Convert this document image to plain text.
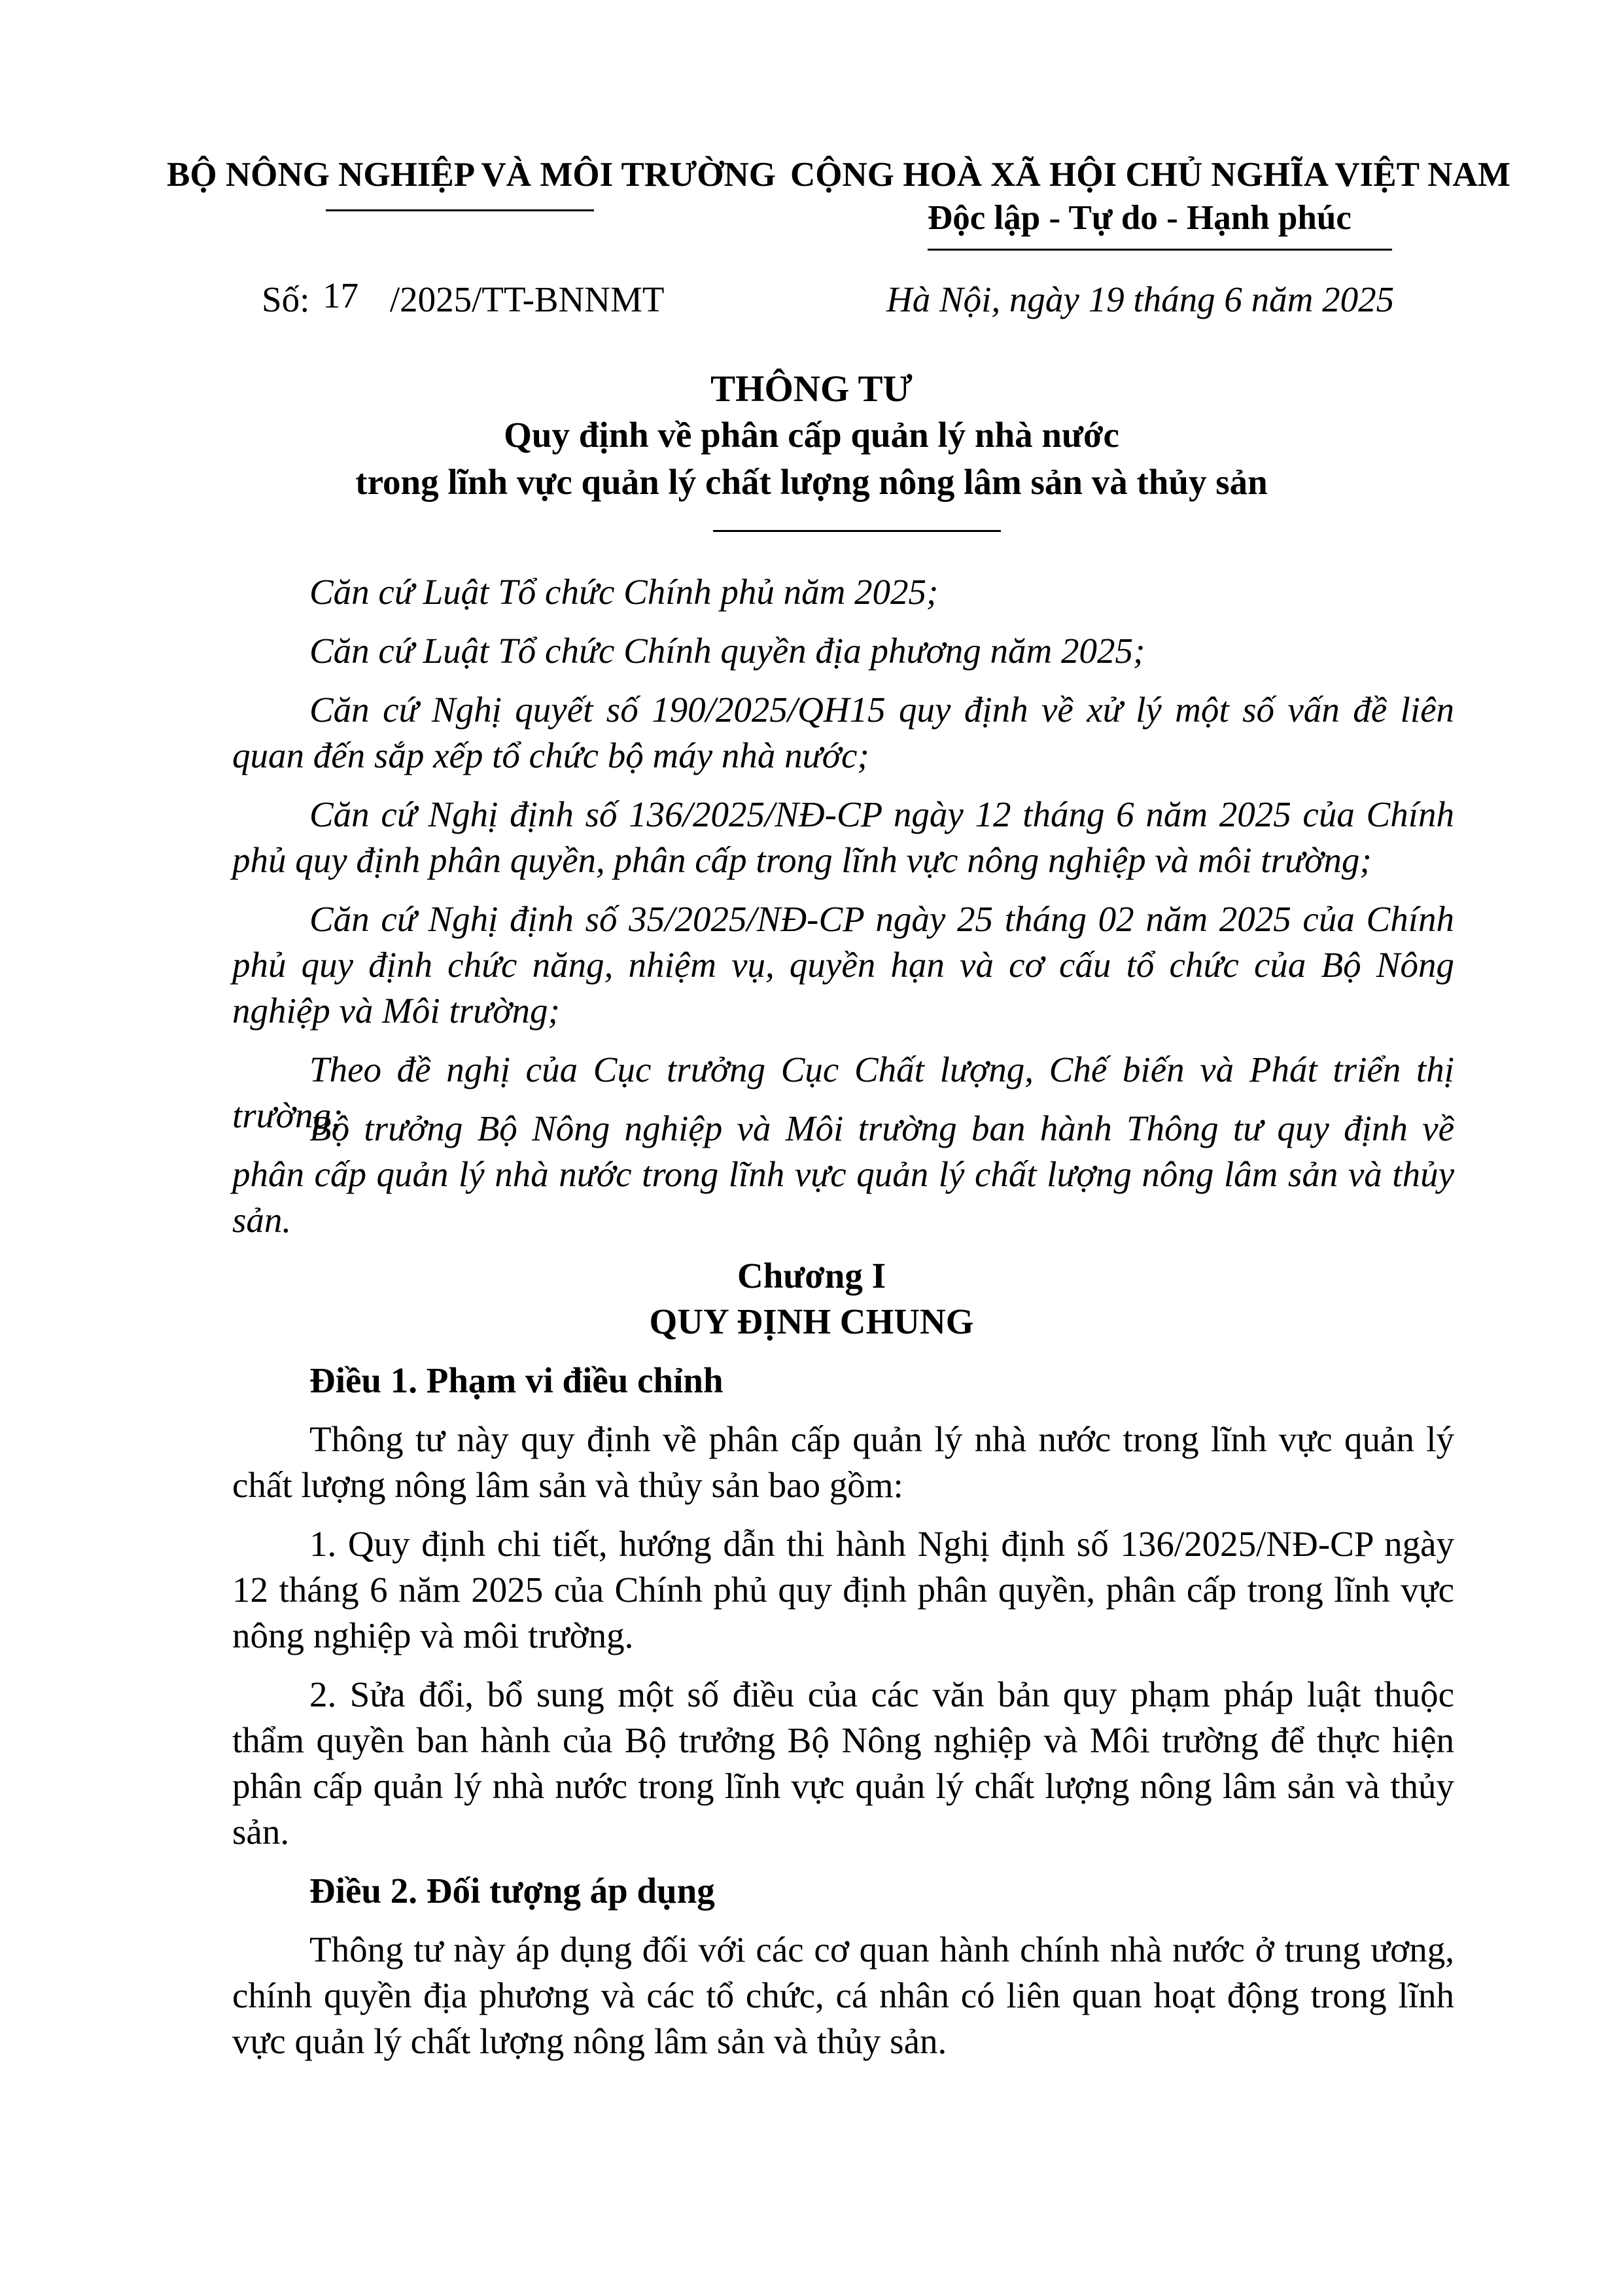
BỘ NÔNG NGHIỆP VÀ MÔI TRƯỜNG CỘNG HOÀ XÃ HỘI CHỦ NGHĨA VIỆT NAM
Độc lập - Tự do - Hạnh phúc
Số: 17 /2025/TT-BNNMT	Hà Nội, ngày 19 tháng 6 năm 2025
THÔNG TƯ
Quy định về phân cấp quản lý nhà nước
trong lĩnh vực quản lý chất lượng nông lâm sản và thủy sản

Căn cứ Luật Tổ chức Chính phủ năm 2025;

Căn cứ Luật Tổ chức Chính quyền địa phương năm 2025;

Căn cứ Nghị quyết số 190/2025/QH15 quy định về xử lý một số vấn đề liên quan đến sắp xếp tổ chức bộ máy nhà nước;

Căn cứ Nghị định số 136/2025/NĐ-CP ngày 12 tháng 6 năm 2025 của Chính phủ quy định phân quyền, phân cấp trong lĩnh vực nông nghiệp và môi trường;

Căn cứ Nghị định số 35/2025/NĐ-CP ngày 25 tháng 02 năm 2025 của Chính phủ quy định chức năng, nhiệm vụ, quyền hạn và cơ cấu tổ chức của Bộ Nông nghiệp và Môi trường;

Theo đề nghị của Cục trưởng Cục Chất lượng, Chế biến và Phát triển thị trường;

Bộ trưởng Bộ Nông nghiệp và Môi trường ban hành Thông tư quy định về phân cấp quản lý nhà nước trong lĩnh vực quản lý chất lượng nông lâm sản và thủy sản.

Chương I
QUY ĐỊNH CHUNG
Điều 1. Phạm vi điều chỉnh

Thông tư này quy định về phân cấp quản lý nhà nước trong lĩnh vực quản lý chất lượng nông lâm sản và thủy sản bao gồm:

1. Quy định chi tiết, hướng dẫn thi hành Nghị định số 136/2025/NĐ-CP ngày 12 tháng 6 năm 2025 của Chính phủ quy định phân quyền, phân cấp trong lĩnh vực nông nghiệp và môi trường.

2. Sửa đổi, bổ sung một số điều của các văn bản quy phạm pháp luật thuộc thẩm quyền ban hành của Bộ trưởng Bộ Nông nghiệp và Môi trường để thực hiện phân cấp quản lý nhà nước trong lĩnh vực quản lý chất lượng nông lâm sản và thủy sản.

Điều 2. Đối tượng áp dụng

Thông tư này áp dụng đối với các cơ quan hành chính nhà nước ở trung ương, chính quyền địa phương và các tổ chức, cá nhân có liên quan hoạt động trong lĩnh vực quản lý chất lượng nông lâm sản và thủy sản.
